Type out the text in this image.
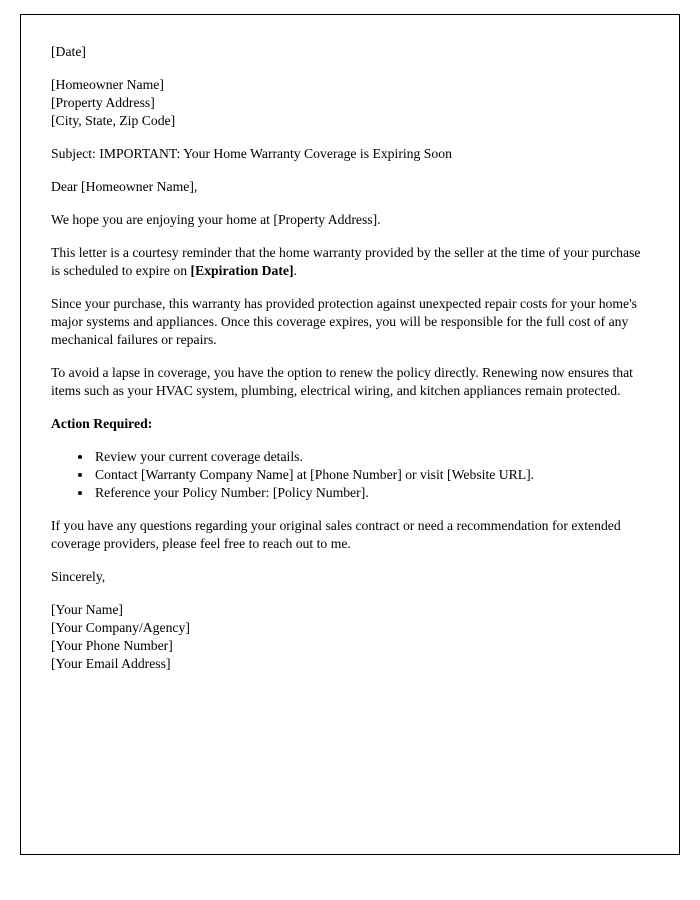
[Date]

[Homeowner Name]
[Property Address]
[City, State, Zip Code]

Subject: IMPORTANT: Your Home Warranty Coverage is Expiring Soon

Dear [Homeowner Name],

We hope you are enjoying your home at [Property Address].

This letter is a courtesy reminder that the home warranty provided by the seller at the time of your purchase is scheduled to expire on [Expiration Date].

Since your purchase, this warranty has provided protection against unexpected repair costs for your home's major systems and appliances. Once this coverage expires, you will be responsible for the full cost of any mechanical failures or repairs.

To avoid a lapse in coverage, you have the option to renew the policy directly. Renewing now ensures that items such as your HVAC system, plumbing, electrical wiring, and kitchen appliances remain protected.

Action Required:

• Review your current coverage details.
• Contact [Warranty Company Name] at [Phone Number] or visit [Website URL].
• Reference your Policy Number: [Policy Number].

If you have any questions regarding your original sales contract or need a recommendation for extended coverage providers, please feel free to reach out to me.

Sincerely,

[Your Name]
[Your Company/Agency]
[Your Phone Number]
[Your Email Address]
